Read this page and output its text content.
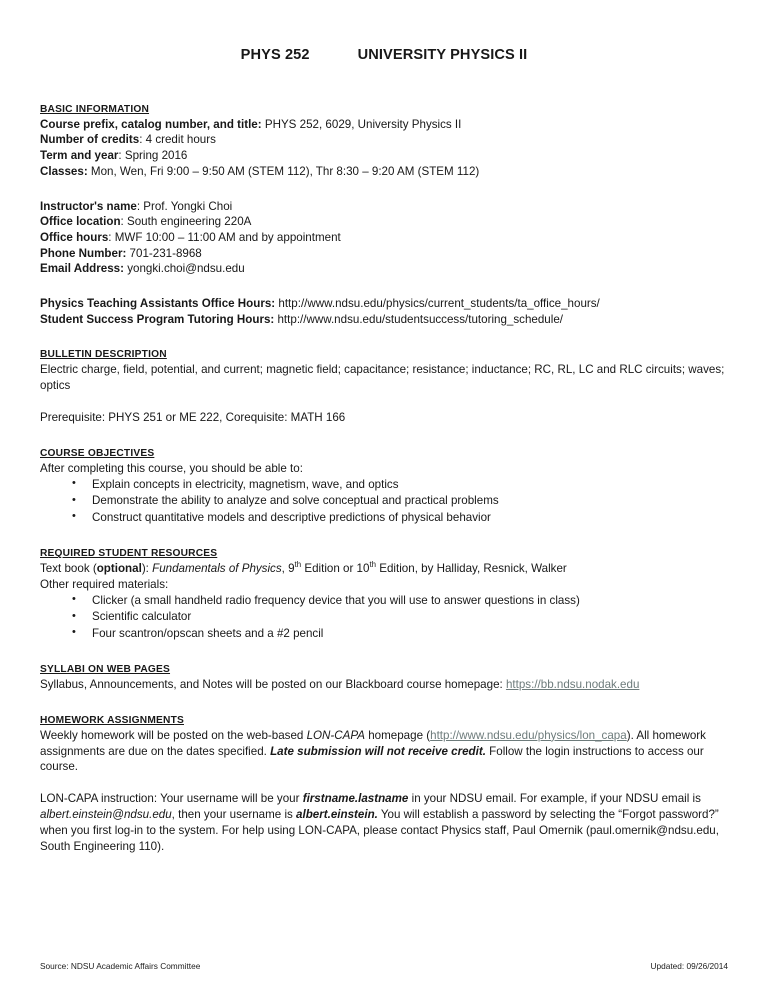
PHYS 252	UNIVERSITY PHYSICS II
BASIC INFORMATION
Course prefix, catalog number, and title: PHYS 252, 6029, University Physics II
Number of credits: 4 credit hours
Term and year: Spring 2016
Classes: Mon, Wen, Fri 9:00 – 9:50 AM (STEM 112), Thr 8:30 – 9:20 AM (STEM 112)
Instructor's name: Prof. Yongki Choi
Office location: South engineering 220A
Office hours: MWF 10:00 – 11:00 AM and by appointment
Phone Number: 701-231-8968
Email Address: yongki.choi@ndsu.edu
Physics Teaching Assistants Office Hours: http://www.ndsu.edu/physics/current_students/ta_office_hours/
Student Success Program Tutoring Hours: http://www.ndsu.edu/studentsuccess/tutoring_schedule/
BULLETIN DESCRIPTION
Electric charge, field, potential, and current; magnetic field; capacitance; resistance; inductance; RC, RL, LC and RLC circuits; waves; optics
Prerequisite: PHYS 251 or ME 222, Corequisite: MATH 166
COURSE OBJECTIVES
After completing this course, you should be able to:
• Explain concepts in electricity, magnetism, wave, and optics
• Demonstrate the ability to analyze and solve conceptual and practical problems
• Construct quantitative models and descriptive predictions of physical behavior
REQUIRED STUDENT RESOURCES
Text book (optional): Fundamentals of Physics, 9th Edition or 10th Edition, by Halliday, Resnick, Walker
Other required materials:
• Clicker (a small handheld radio frequency device that you will use to answer questions in class)
• Scientific calculator
• Four scantron/opscan sheets and a #2 pencil
SYLLABI ON WEB PAGES
Syllabus, Announcements, and Notes will be posted on our Blackboard course homepage: https://bb.ndsu.nodak.edu
HOMEWORK ASSIGNMENTS
Weekly homework will be posted on the web-based LON-CAPA homepage (http://www.ndsu.edu/physics/lon_capa). All homework assignments are due on the dates specified. Late submission will not receive credit. Follow the login instructions to access our course.
LON-CAPA instruction: Your username will be your firstname.lastname in your NDSU email. For example, if your NDSU email is albert.einstein@ndsu.edu, then your username is albert.einstein. You will establish a password by selecting the “Forgot password?” when you first log-in to the system. For help using LON-CAPA, please contact Physics staff, Paul Omernik (paul.omernik@ndsu.edu, South Engineering 110).
Source: NDSU Academic Affairs Committee	Updated: 09/26/2014
